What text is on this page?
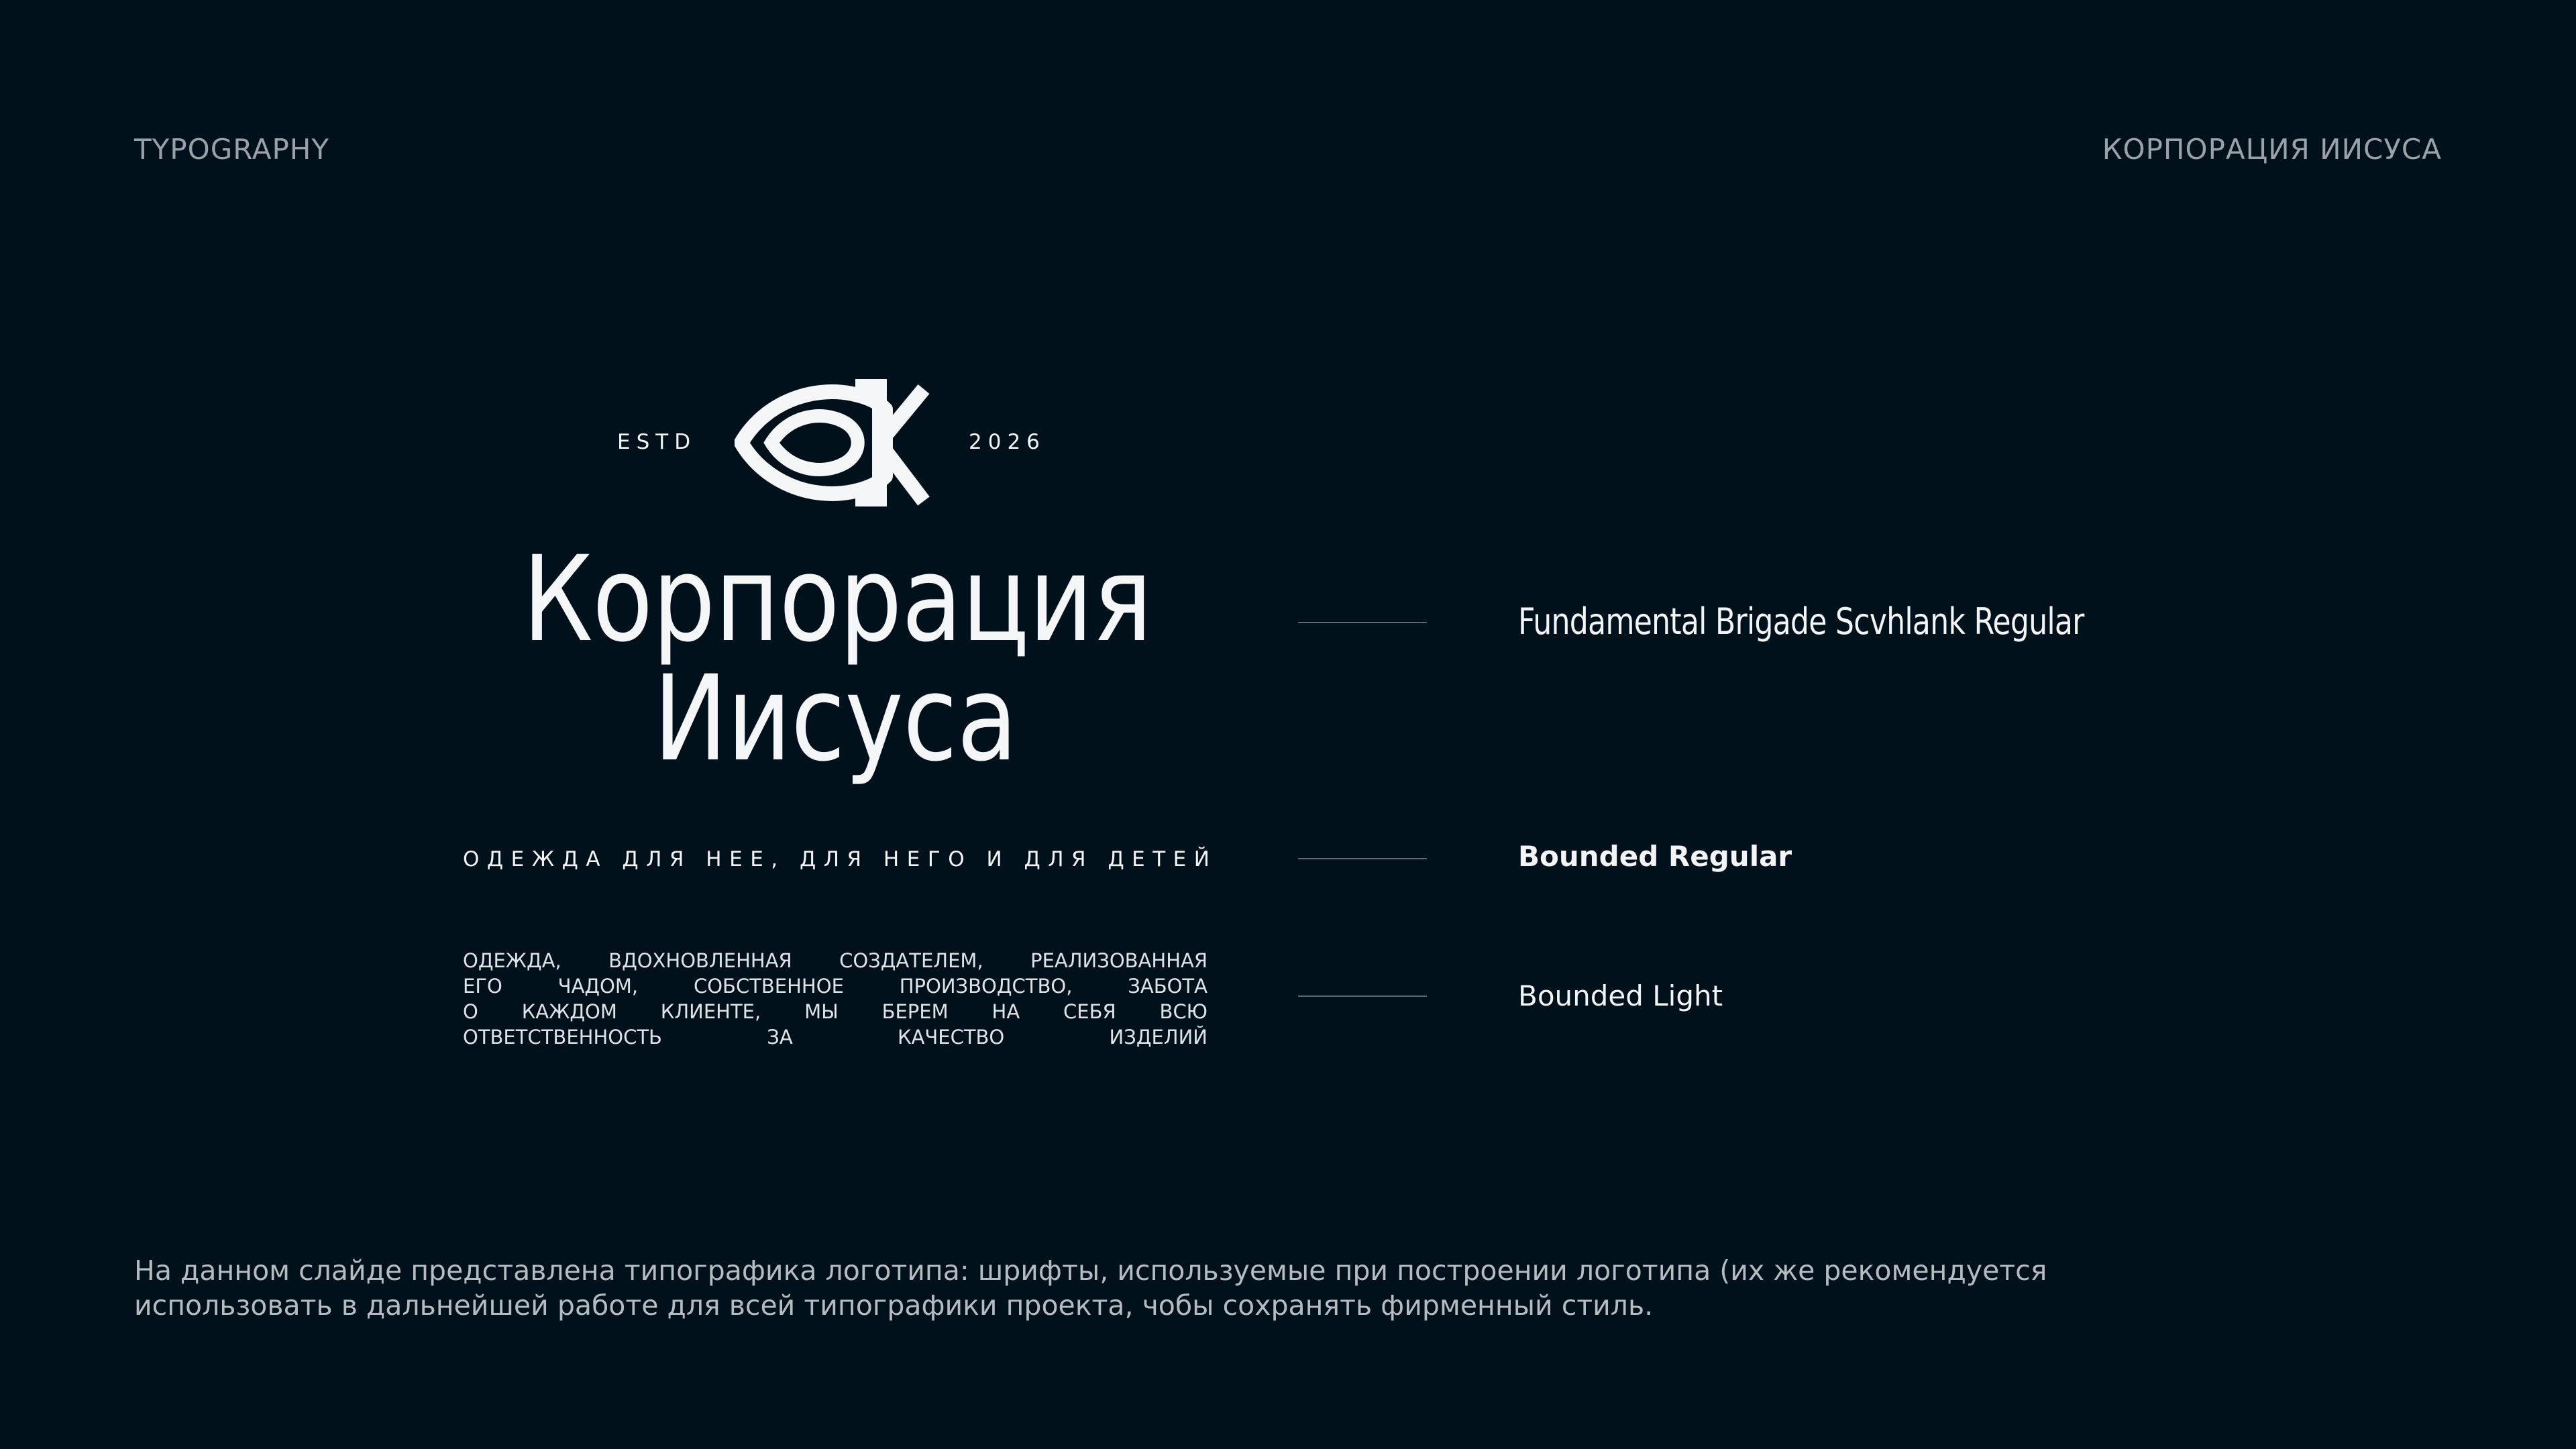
TYPOGRAPHY	КОРПОРАЦИЯ ИИСУСА
ESTD	2026
Корпорация
Иисуса
ОДЕЖДА ДЛЯ НЕЕ, ДЛЯ НЕГО И ДЛЯ ДЕТЕЙ
ОДЕЖДА, ВДОХНОВЛЕННАЯ СОЗДАТЕЛЕМ, РЕАЛИЗОВАННАЯ
ЕГО ЧАДОМ, СОБСТВЕННОЕ ПРОИЗВОДСТВО, ЗАБОТА
О КАЖДОМ КЛИЕНТЕ, МЫ БЕРЕМ НА СЕБЯ ВСЮ
ОТВЕТСТВЕННОСТЬ ЗА КАЧЕСТВО ИЗДЕЛИЙ
Fundamental Brigade Scvhlank Regular
Bounded Regular
Bounded Light
На данном слайде представлена типографика логотипа: шрифты, используемые при построении логотипа (их же рекомендуется
использовать в дальнейшей работе для всей типографики проекта, чобы сохранять фирменный стиль.
